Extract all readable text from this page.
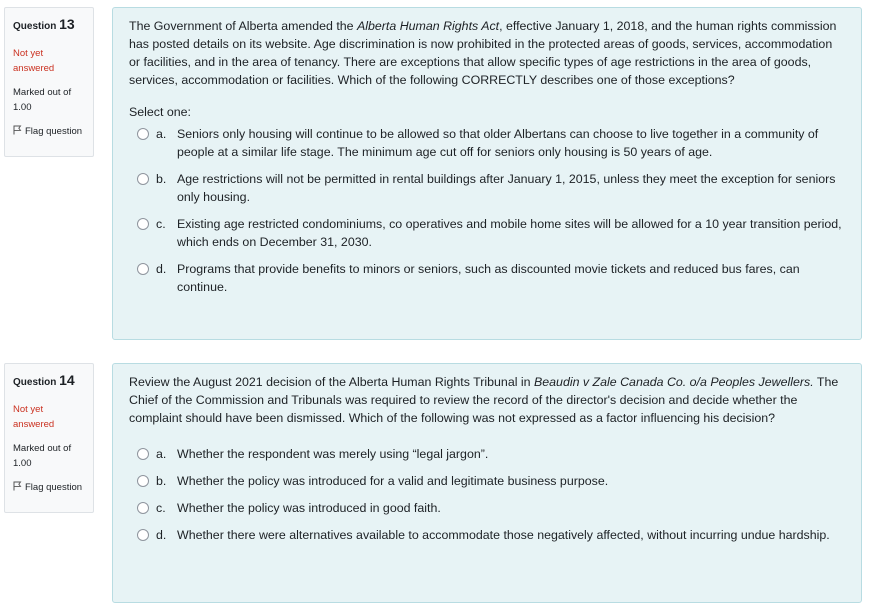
Question 13
Not yet answered
Marked out of 1.00
Flag question
The Government of Alberta amended the Alberta Human Rights Act, effective January 1, 2018, and the human rights commission has posted details on its website. Age discrimination is now prohibited in the protected areas of goods, services, accommodation or facilities, and in the area of tenancy. There are exceptions that allow specific types of age restrictions in the area of goods, services, accommodation or facilities. Which of the following CORRECTLY describes one of those exceptions?
Select one:
a. Seniors only housing will continue to be allowed so that older Albertans can choose to live together in a community of people at a similar life stage. The minimum age cut off for seniors only housing is 50 years of age.
b. Age restrictions will not be permitted in rental buildings after January 1, 2015, unless they meet the exception for seniors only housing.
c. Existing age restricted condominiums, co operatives and mobile home sites will be allowed for a 10 year transition period, which ends on December 31, 2030.
d. Programs that provide benefits to minors or seniors, such as discounted movie tickets and reduced bus fares, can continue.
Question 14
Not yet answered
Marked out of 1.00
Flag question
Review the August 2021 decision of the Alberta Human Rights Tribunal in Beaudin v Zale Canada Co. o/a Peoples Jewellers. The Chief of the Commission and Tribunals was required to review the record of the director's decision and decide whether the complaint should have been dismissed. Which of the following was not expressed as a factor influencing his decision?
a. Whether the respondent was merely using “legal jargon”.
b. Whether the policy was introduced for a valid and legitimate business purpose.
c. Whether the policy was introduced in good faith.
d. Whether there were alternatives available to accommodate those negatively affected, without incurring undue hardship.
